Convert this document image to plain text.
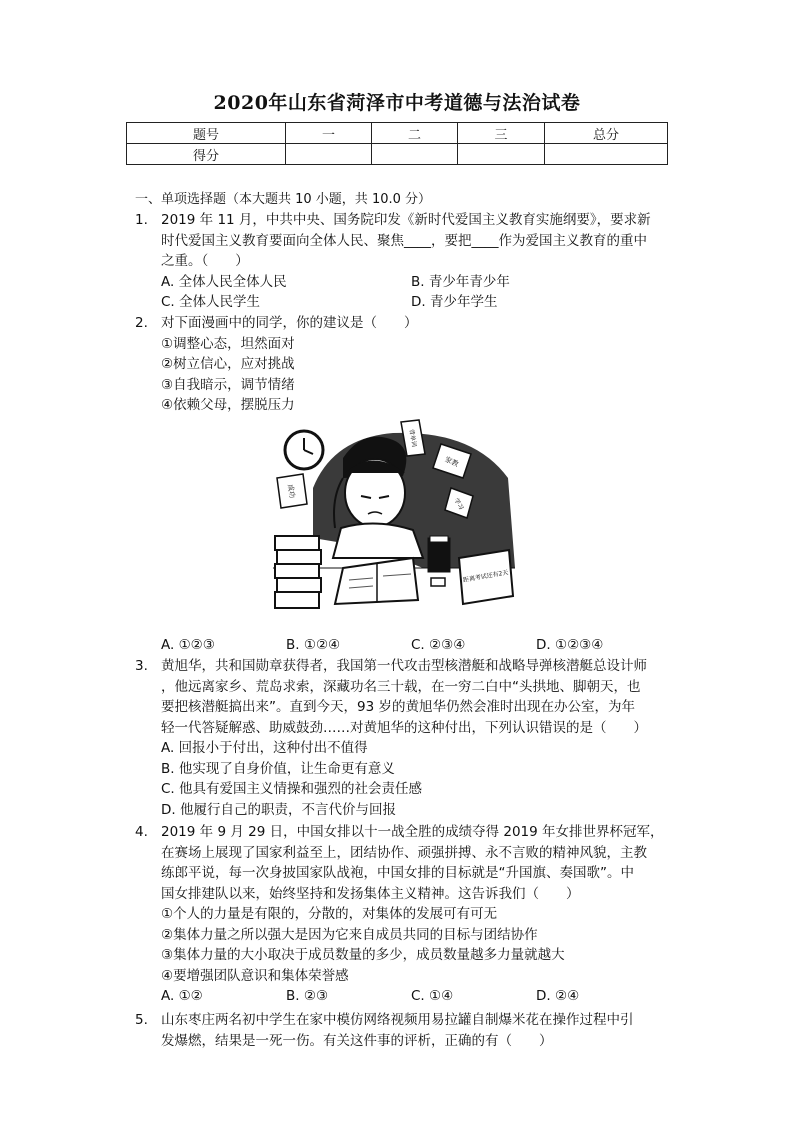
2020年山东省菏泽市中考道德与法治试卷
题号	一	二	三	总分
得分				
一、单项选择题（本大题共 10 小题，共 10.0 分）
1. 2019 年 11 月，中共中央、国务院印发《新时代爱国主义教育实施纲要》，要求新
时代爱国主义教育要面向全体人民、聚焦____，要把____作为爱国主义教育的重中
之重。（　　）
A. 全体人民全体人民	B. 青少年青少年
C. 全体人民学生	D. 青少年学生
2. 对下面漫画中的同学，你的建议是（　　）
①调整心态，坦然面对
②树立信心，应对挑战
③自我暗示，调节情绪
④依赖父母，摆脱压力
成功
家教
背单词
学习
距离考试还有2天
A. ①②③	B. ①②④	C. ②③④	D. ①②③④
3. 黄旭华，共和国勋章获得者，我国第一代攻击型核潜艇和战略导弹核潜艇总设计师
，他远离家乡、荒岛求索，深藏功名三十载，在一穷二白中“头拱地、脚朝天，也
要把核潜艇搞出来”。直到今天，93 岁的黄旭华仍然会准时出现在办公室，为年
轻一代答疑解惑、助威鼓劲……对黄旭华的这种付出，下列认识错误的是（　　）
A. 回报小于付出，这种付出不值得
B. 他实现了自身价值，让生命更有意义
C. 他具有爱国主义情操和强烈的社会责任感
D. 他履行自己的职责，不言代价与回报
4. 2019 年 9 月 29 日，中国女排以十一战全胜的成绩夺得 2019 年女排世界杯冠军，
在赛场上展现了国家利益至上，团结协作、顽强拼搏、永不言败的精神风貌，主教
练郎平说，每一次身披国家队战袍，中国女排的目标就是“升国旗、奏国歌”。中
国女排建队以来，始终坚持和发扬集体主义精神。这告诉我们（　　）
①个人的力量是有限的，分散的，对集体的发展可有可无
②集体力量之所以强大是因为它来自成员共同的目标与团结协作
③集体力量的大小取决于成员数量的多少，成员数量越多力量就越大
④要增强团队意识和集体荣誉感
A. ①②	B. ②③	C. ①④	D. ②④
5. 山东枣庄两名初中学生在家中模仿网络视频用易拉罐自制爆米花在操作过程中引
发爆燃，结果是一死一伤。有关这件事的评析，正确的有（　　）
